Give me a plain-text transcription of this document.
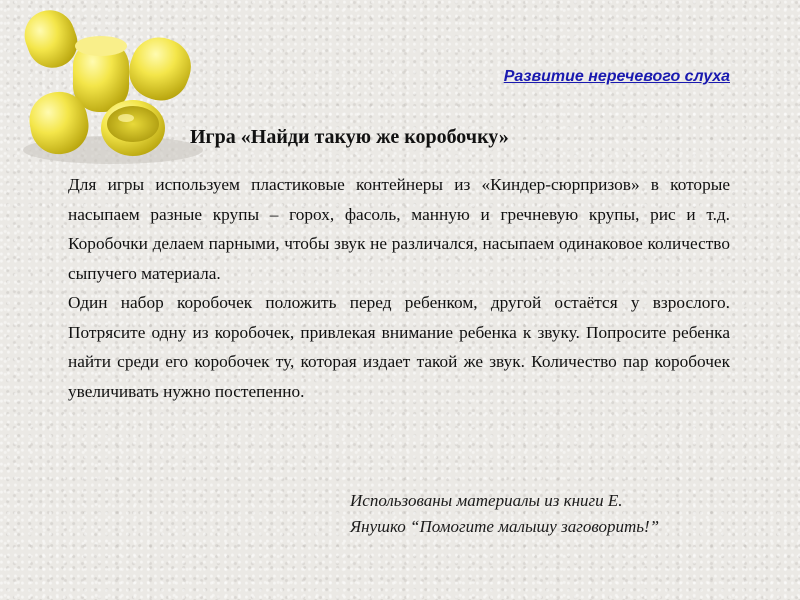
Развитие неречевого слуха
Игра «Найди такую же коробочку»

Для игры используем пластиковые контейнеры из «Киндер-сюрпризов» в которые насыпаем разные крупы – горох, фасоль, манную и гречневую крупы, рис и т.д. Коробочки делаем парными, чтобы звук не различался, насыпаем одинаковое количество сыпучего материала.

Один набор коробочек положить перед ребенком, другой остаётся у взрослого. Потрясите одну из коробочек, привлекая внимание ребенка к звуку. Попросите ребенка найти среди его коробочек ту, которая издает такой же звук. Количество пар коробочек увеличивать нужно постепенно.

Использованы материалы из книги Е.
Янушко “Помогите малышу заговорить!”
